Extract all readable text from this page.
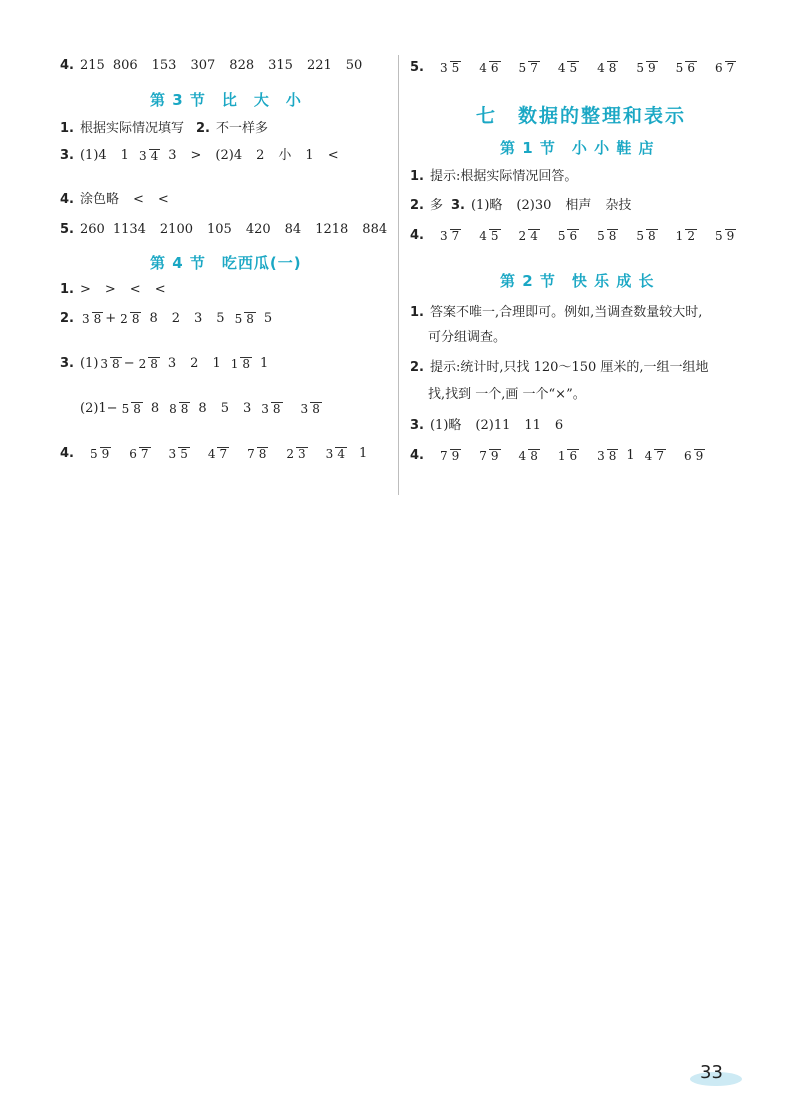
4. 215 806 153 307 828 315 221 50
第 3 节　比　大　小
1. 根据实际情况填写 2. 不一样多
3. (1)4 1 3 4 3 > (2)4 2 小 1 <
4. 涂色略 < <
5. 260 1134 2100 105 420 84 1218 884
第 4 节　吃西瓜(一)
1. > > < <
2. 3 8 + 2 8 8 2 3 5 5 8 5
3. (1) 3 8 − 2 8 3 2 1 1 8 1
(2)1− 5 8 8 8 8 8 5 3 3 8 3 8
4. 5 9 6 7 3 5 4 7 7 8 2 3 3 4 1
5. 3 5 4 6 5 7 4 5 4 8 5 9 5 6 6 7
七　数据的整理和表示
第 1 节　小 小 鞋 店
1. 提示:根据实际情况回答。
2. 多 3. (1)略 (2)30 相声 杂技
4. 3 7 4 5 2 4 5 6 5 8 5 8 1 2 5 9
第 2 节　快 乐 成 长
1. 答案不唯一,合理即可。例如,当调查数量较大时,
可分组调查。
2. 提示:统计时,只找 120～150 厘米的,一组一组地
找,找到 一个,画 一个“×”。
3. (1)略 (2)11 11 6
4. 7 9 7 9 4 8 1 6 3 8 1 4 7 6 9
33
